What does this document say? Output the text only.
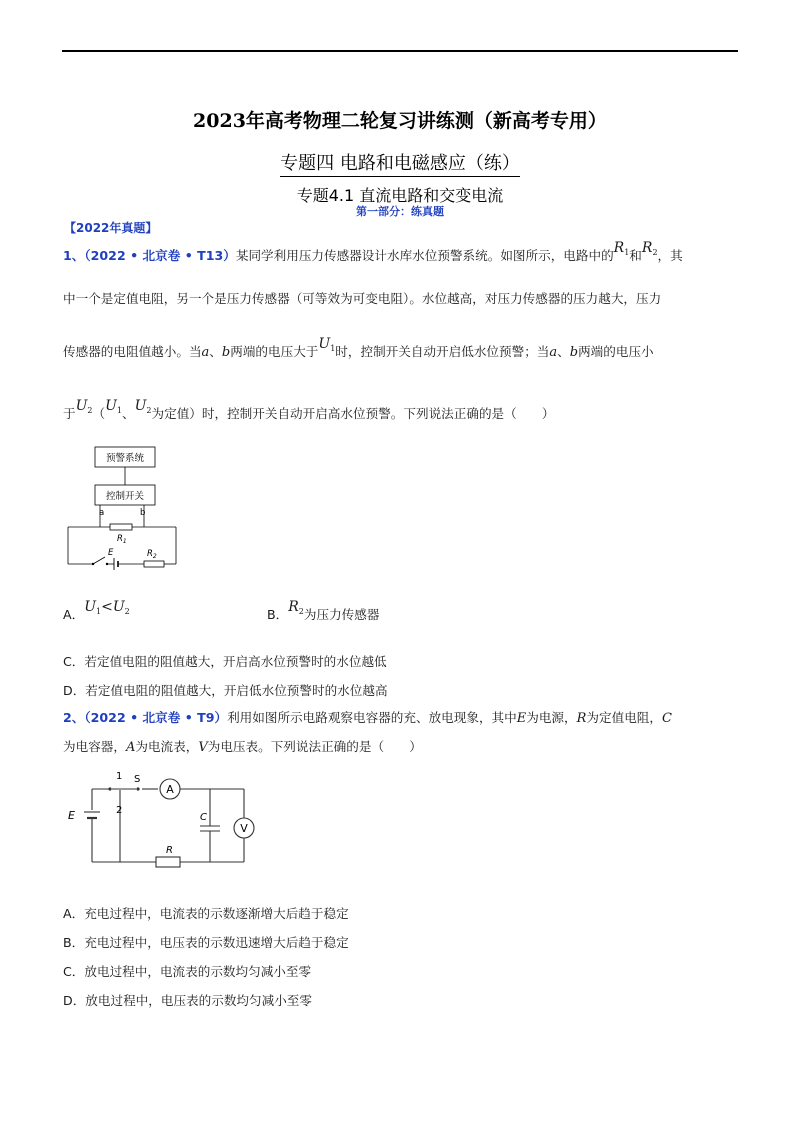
2023年高考物理二轮复习讲练测（新高考专用）
专题四 电路和电磁感应（练）
专题4.1 直流电路和交变电流
第一部分：练真题
【2022年真题】
1、（2022 • 北京卷 • T13）某同学利用压力传感器设计水库水位预警系统。如图所示，电路中的$R_1$和$R_2$，其
中一个是定值电阻，另一个是压力传感器（可等效为可变电阻）。水位越高，对压力传感器的压力越大，压力
传感器的电阻值越小。当a、b两端的电压大于$U_1$时，控制开关自动开启低水位预警；当a、b两端的电压小
于$U_2(U_1$、$U_2$为定值）时，控制开关自动开启高水位预警。下列说法正确的是（　　）
预警系统
控制开关
a	b
$R_1$
E	$R_2$
A．$U_1<U_2$	B．$R_2$为压力传感器
C．若定值电阻的阻值越大，开启高水位预警时的水位越低
D．若定值电阻的阻值越大，开启低水位预警时的水位越高
2、（2022 • 北京卷 • T9）利用如图所示电路观察电容器的充、放电现象，其中E为电源，R为定值电阻，C
为电容器，A为电流表，V为电压表。下列说法正确的是（　　）
1
2
S
A
C
V
E
R
A．充电过程中，电流表的示数逐渐增大后趋于稳定
B．充电过程中，电压表的示数迅速增大后趋于稳定
C．放电过程中，电流表的示数均匀减小至零
D．放电过程中，电压表的示数均匀减小至零
